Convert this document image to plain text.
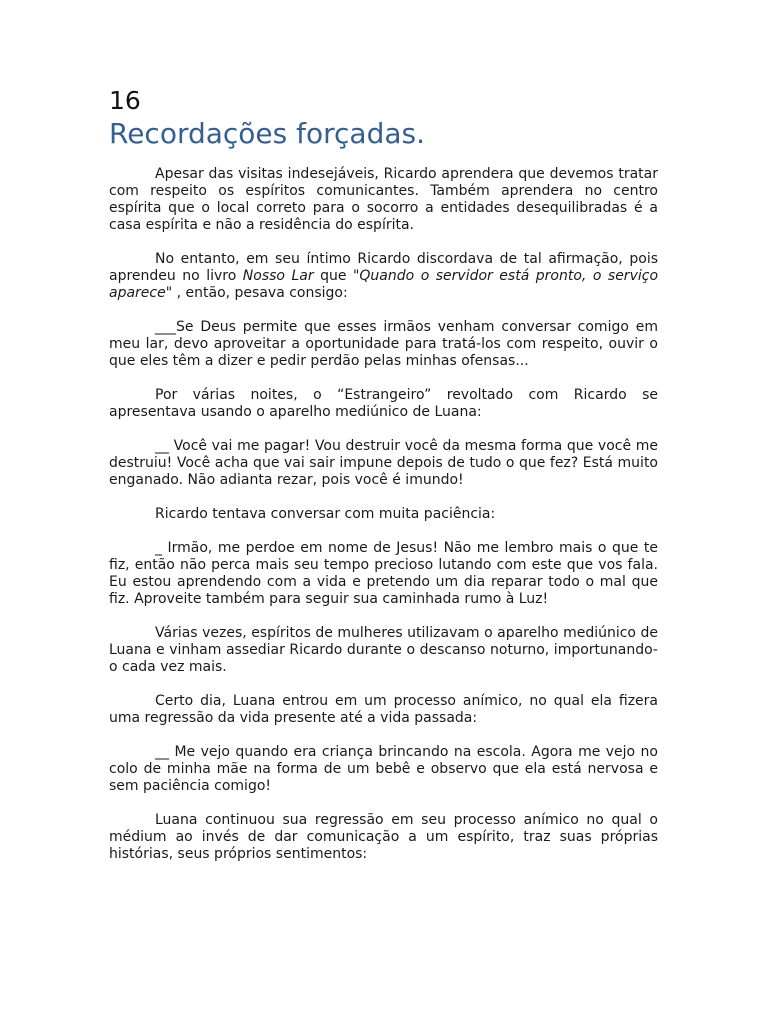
16
Recordações forçadas.

Apesar das visitas indesejáveis, Ricardo aprendera que devemos tratar com respeito os espíritos comunicantes. Também aprendera no centro espírita que o local correto para o socorro a entidades desequilibradas é a casa espírita e não a residência do espírita.

No entanto, em seu íntimo Ricardo discordava de tal afirmação, pois aprendeu no livro Nosso Lar que "Quando o servidor está pronto, o serviço aparece" , então, pesava consigo:

___Se Deus permite que esses irmãos venham conversar comigo em meu lar, devo aproveitar a oportunidade para tratá-los com respeito, ouvir o que eles têm a dizer e pedir perdão pelas minhas ofensas...

Por várias noites, o “Estrangeiro” revoltado com Ricardo se apresentava usando o aparelho mediúnico de Luana:

__ Você vai me pagar! Vou destruir você da mesma forma que você me destruiu! Você acha que vai sair impune depois de tudo o que fez? Está muito enganado. Não adianta rezar, pois você é imundo!

Ricardo tentava conversar com muita paciência:

_ Irmão, me perdoe em nome de Jesus! Não me lembro mais o que te fiz, então não perca mais seu tempo precioso lutando com este que vos fala. Eu estou aprendendo com a vida e pretendo um dia reparar todo o mal que fiz. Aproveite também para seguir sua caminhada rumo à Luz!

Várias vezes, espíritos de mulheres utilizavam o aparelho mediúnico de Luana e vinham assediar Ricardo durante o descanso noturno, importunando-o cada vez mais.

Certo dia, Luana entrou em um processo anímico, no qual ela fizera uma regressão da vida presente até a vida passada:

__ Me vejo quando era criança brincando na escola. Agora me vejo no colo de minha mãe na forma de um bebê e observo que ela está nervosa e sem paciência comigo!

Luana continuou sua regressão em seu processo anímico no qual o médium ao invés de dar comunicação a um espírito, traz suas próprias histórias, seus próprios sentimentos:
